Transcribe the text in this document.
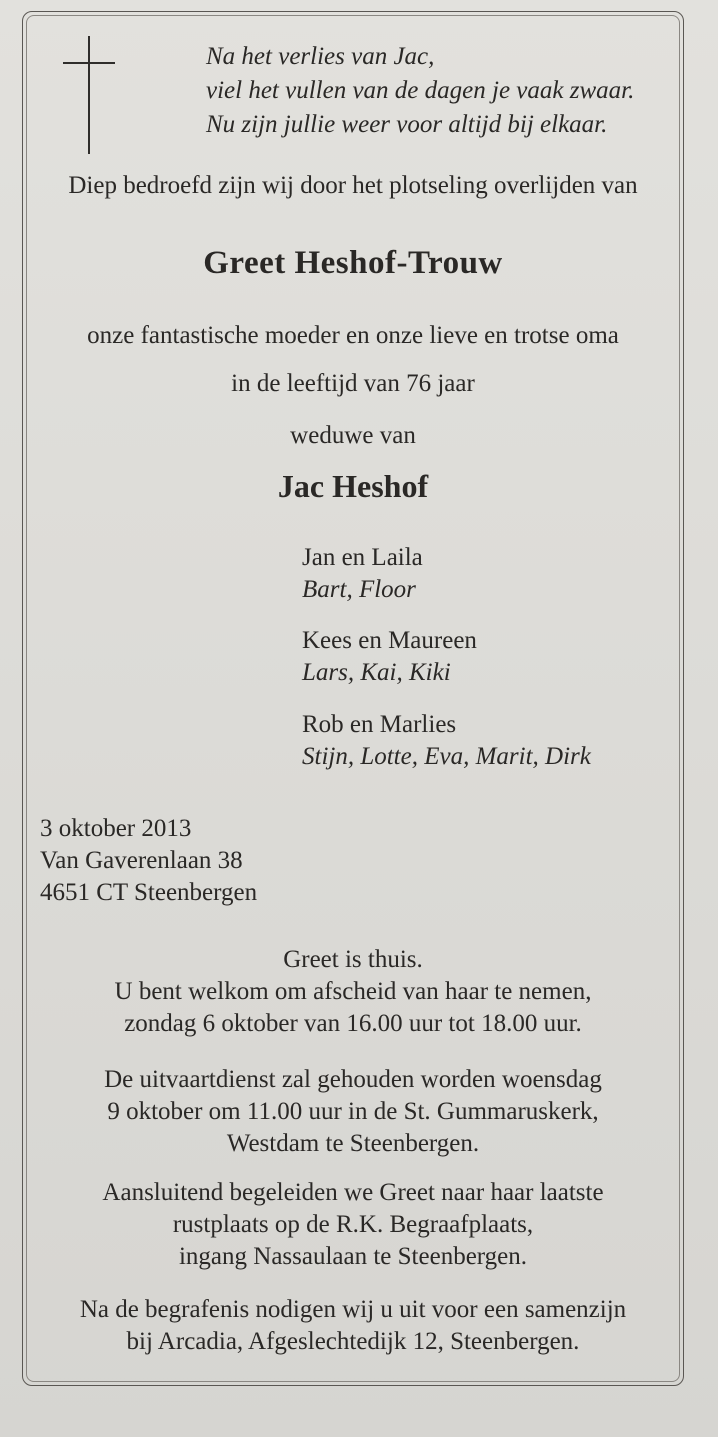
Na het verlies van Jac,
viel het vullen van de dagen je vaak zwaar.
Nu zijn jullie weer voor altijd bij elkaar.
Diep bedroefd zijn wij door het plotseling overlijden van
Greet Heshof-Trouw
onze fantastische moeder en onze lieve en trotse oma
in de leeftijd van 76 jaar
weduwe van
Jac Heshof
Jan en Laila
Bart, Floor
Kees en Maureen
Lars, Kai, Kiki
Rob en Marlies
Stijn, Lotte, Eva, Marit, Dirk
3 oktober 2013
Van Gaverenlaan 38
4651 CT Steenbergen
Greet is thuis.
U bent welkom om afscheid van haar te nemen,
zondag 6 oktober van 16.00 uur tot 18.00 uur.
De uitvaartdienst zal gehouden worden woensdag
9 oktober om 11.00 uur in de St. Gummaruskerk,
Westdam te Steenbergen.
Aansluitend begeleiden we Greet naar haar laatste
rustplaats op de R.K. Begraafplaats,
ingang Nassaulaan te Steenbergen.
Na de begrafenis nodigen wij u uit voor een samenzijn
bij Arcadia, Afgeslechtedijk 12, Steenbergen.
